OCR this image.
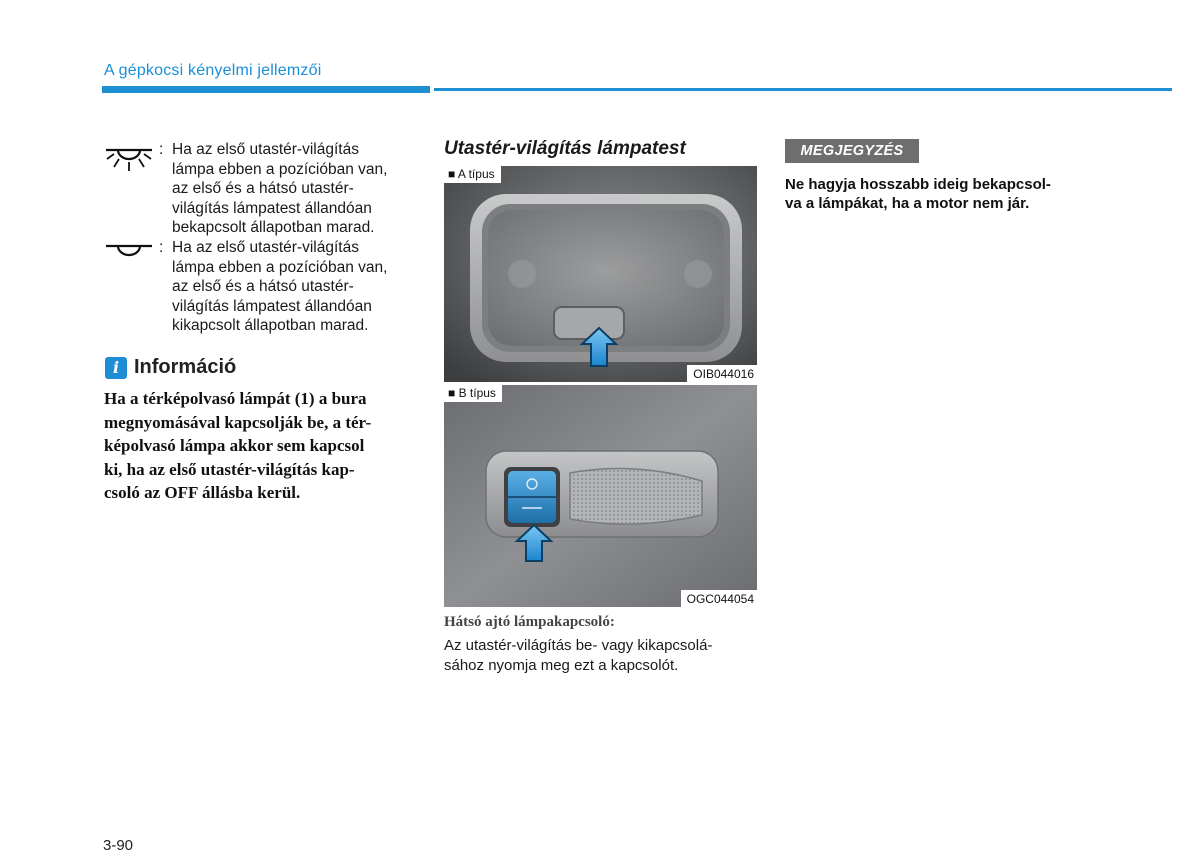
A gépkocsi kényelmi jellemzői
: Ha az első utastér-világítás
lámpa ebben a pozícióban van,
az első és a hátsó utastér-
világítás lámpatest állandóan
bekapcsolt állapotban marad.
: Ha az első utastér-világítás
lámpa ebben a pozícióban van,
az első és a hátsó utastér-
világítás lámpatest állandóan
kikapcsolt állapotban marad.
i Információ
Ha a térképolvasó lámpát (1) a bura
megnyomásával kapcsolják be, a tér-
képolvasó lámpa akkor sem kapcsol
ki, ha az első utastér-világítás kap-
csoló az OFF állásba kerül.
Utastér-világítás lámpatest
■ A típus
OIB044016
■ B típus
OGC044054
Hátsó ajtó lámpakapcsoló:
Az utastér-világítás be- vagy kikapcsolá-
sához nyomja meg ezt a kapcsolót.
MEGJEGYZÉS
Ne hagyja hosszabb ideig bekapcsol-
va a lámpákat, ha a motor nem jár.
3-90
